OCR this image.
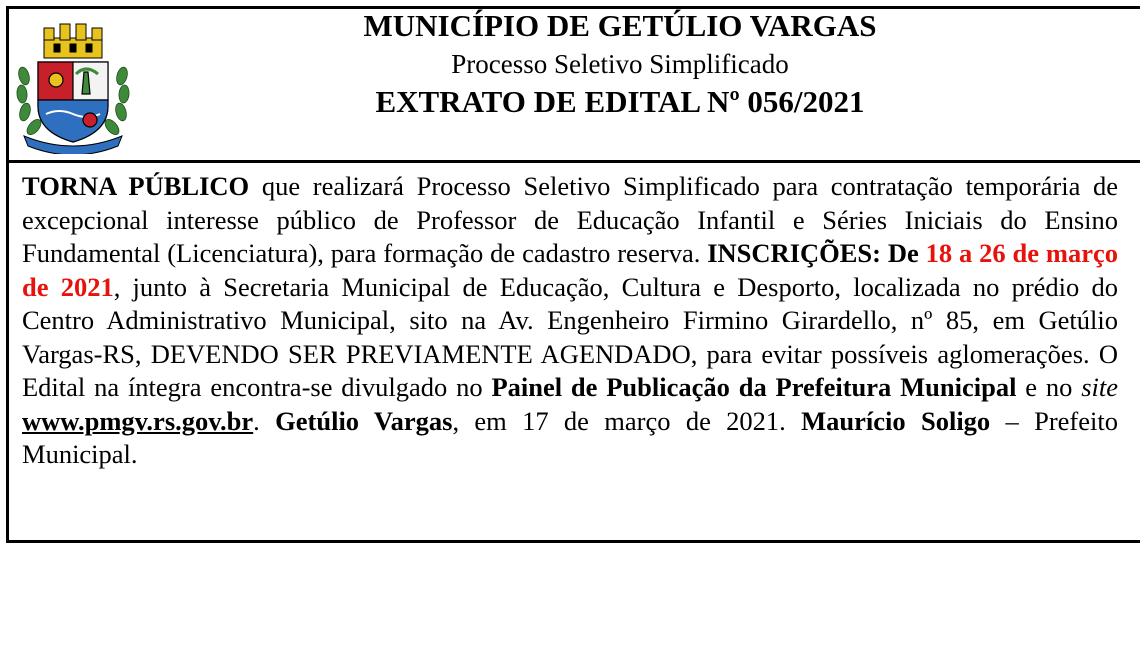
MUNICÍPIO DE GETÚLIO VARGAS
Processo Seletivo Simplificado
EXTRATO DE EDITAL Nº 056/2021

TORNA PÚBLICO que realizará Processo Seletivo Simplificado para contratação temporária de excepcional interesse público de Professor de Educação Infantil e Séries Iniciais do Ensino Fundamental (Licenciatura), para formação de cadastro reserva. INSCRIÇÕES: De 18 a 26 de março de 2021, junto à Secretaria Municipal de Educação, Cultura e Desporto, localizada no prédio do Centro Administrativo Municipal, sito na Av. Engenheiro Firmino Girardello, nº 85, em Getúlio Vargas-RS, DEVENDO SER PREVIAMENTE AGENDADO, para evitar possíveis aglomerações. O Edital na íntegra encontra-se divulgado no Painel de Publicação da Prefeitura Municipal e no site www.pmgv.rs.gov.br. Getúlio Vargas, em 17 de março de 2021. Maurício Soligo – Prefeito Municipal.
